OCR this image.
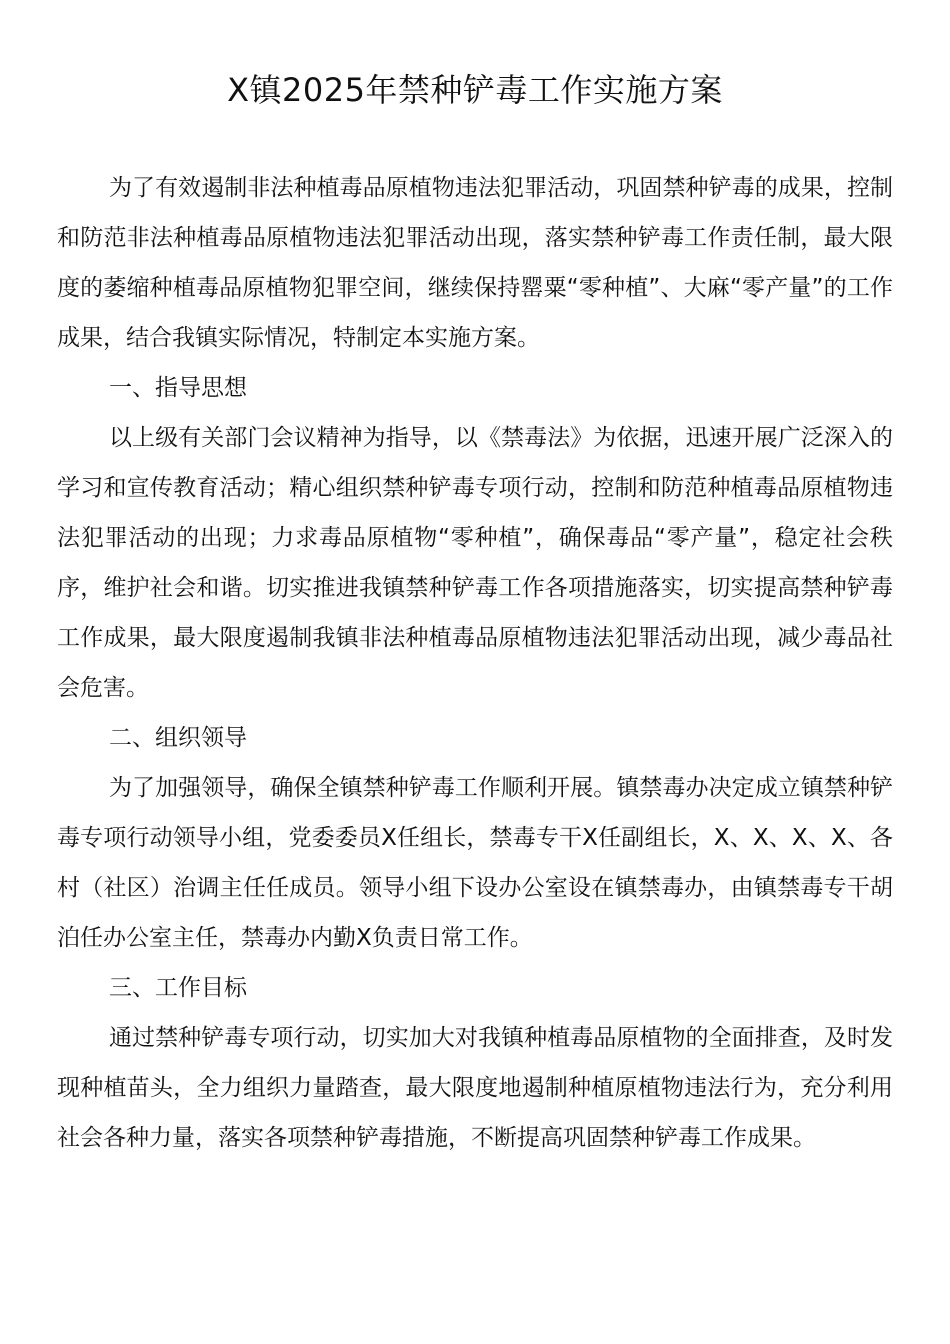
X镇2025年禁种铲毒工作实施方案

为了有效遏制非法种植毒品原植物违法犯罪活动，巩固禁种铲毒的成果，控制和防范非法种植毒品原植物违法犯罪活动出现，落实禁种铲毒工作责任制，最大限度的萎缩种植毒品原植物犯罪空间，继续保持罂粟“零种植”、大麻“零产量”的工作成果，结合我镇实际情况，特制定本实施方案。

一、指导思想

以上级有关部门会议精神为指导，以《禁毒法》为依据，迅速开展广泛深入的学习和宣传教育活动；精心组织禁种铲毒专项行动，控制和防范种植毒品原植物违法犯罪活动的出现；力求毒品原植物“零种植”，确保毒品“零产量”，稳定社会秩序，维护社会和谐。切实推进我镇禁种铲毒工作各项措施落实，切实提高禁种铲毒工作成果，最大限度遏制我镇非法种植毒品原植物违法犯罪活动出现，减少毒品社会危害。

二、组织领导

为了加强领导，确保全镇禁种铲毒工作顺利开展。镇禁毒办决定成立镇禁种铲毒专项行动领导小组，党委委员X任组长，禁毒专干X任副组长，X、X、X、X、各村（社区）治调主任任成员。领导小组下设办公室设在镇禁毒办，由镇禁毒专干胡泊任办公室主任，禁毒办内勤X负责日常工作。

三、工作目标

通过禁种铲毒专项行动，切实加大对我镇种植毒品原植物的全面排查，及时发现种植苗头，全力组织力量踏查，最大限度地遏制种植原植物违法行为，充分利用社会各种力量，落实各项禁种铲毒措施，不断提高巩固禁种铲毒工作成果。
